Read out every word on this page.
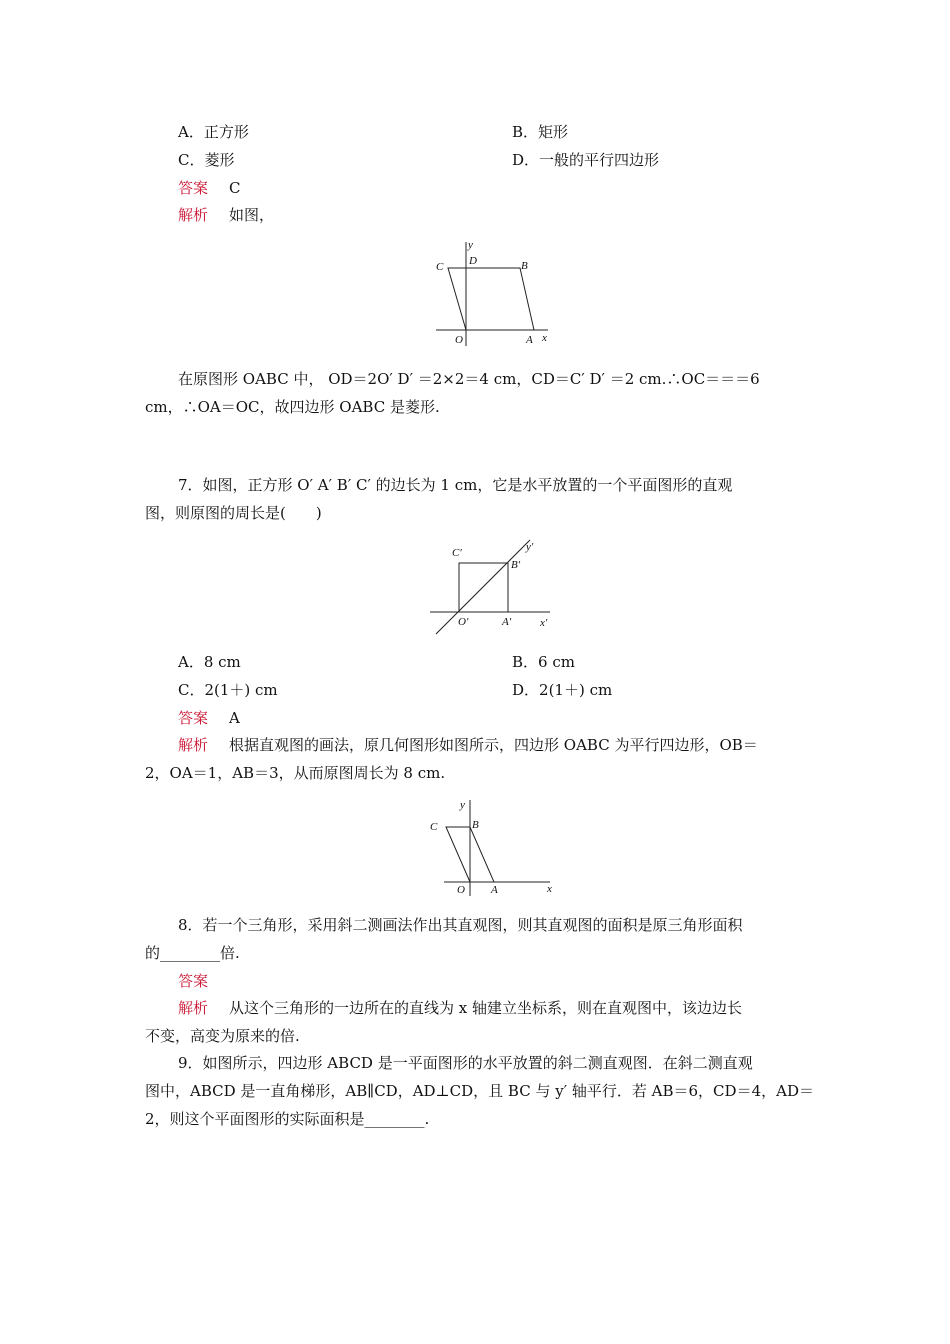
A．正方形	B．矩形
C．菱形	D．一般的平行四边形
答案 C
解析 如图，
y
C D	B
O	A x
在原图形 OABC 中， OD＝2O′ D′ ＝2×2＝4 cm，CD＝C′ D′ ＝2 cm.∴OC＝＝＝6
cm，∴OA＝OC，故四边形 OABC 是菱形.
7．如图，正方形 O′ A′ B′ C′ 的边长为 1 cm，它是水平放置的一个平面图形的直观
图，则原图的周长是(　　)
C′	y′
B′
O′	A′	x′
A．8 cm	B．6 cm
C．2(1＋) cm	D．2(1＋) cm
答案 A
解析 根据直观图的画法，原几何图形如图所示，四边形 OABC 为平行四边形，OB＝
2，OA＝1，AB＝3，从而原图周长为 8 cm.
y
C	B
O A	x
8．若一个三角形，采用斜二测画法作出其直观图，则其直观图的面积是原三角形面积
的________倍.
答案
解析 从这个三角形的一边所在的直线为 x 轴建立坐标系，则在直观图中，该边边长
不变，高变为原来的倍.
9．如图所示，四边形 ABCD 是一平面图形的水平放置的斜二测直观图．在斜二测直观
图中，ABCD 是一直角梯形，AB∥CD，AD⊥CD，且 BC 与 y′ 轴平行．若 AB＝6，CD＝4，AD＝
2，则这个平面图形的实际面积是________.
